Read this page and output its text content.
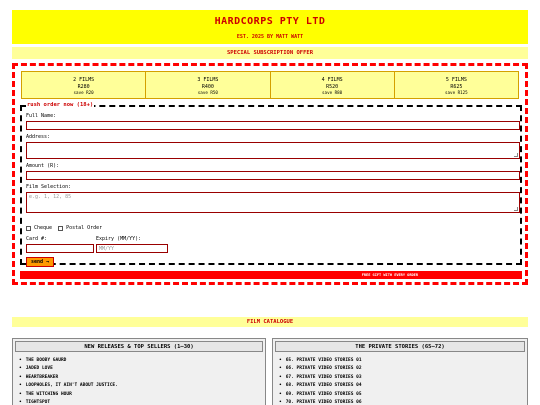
HARDCORPS PTY LTD
EST. 2025 BY MATT WATT
SPECIAL SUBSCRIPTION OFFER
2 FILMS
R280
save R20
3 FILMS
R400
save R50
4 FILMS
R520
save R80
5 FILMS
R625
save R125
rush order now (18+)
Full Name:
Address:
Amount (R):
Film Selection:
e.g. 1, 12, 85
Cheque	Postal Order
Card #:	Expiry (MM/YY):
MM/YY
send →
FREE GIFT WITH EVERY ORDER
FILM CATALOGUE
NEW RELEASES & TOP SELLERS (1–30)
• THE BOOBY GAURD
• JADED LOVE
• HEARTBREAKER
• LOOPHOLES, IT AIN'T ABOUT JUSTICE.
• THE WITCHING HOUR
• TIGHTSPOT
THE PRIVATE STORIES (65–72)
• 65. PRIVATE VIDEO STORIES 01
• 66. PRIVATE VIDEO STORIES 02
• 67. PRIVATE VIDEO STORIES 03
• 68. PRIVATE VIDEO STORIES 04
• 69. PRIVATE VIDEO STORIES 05
• 70. PRIVATE VIDEO STORIES 06
